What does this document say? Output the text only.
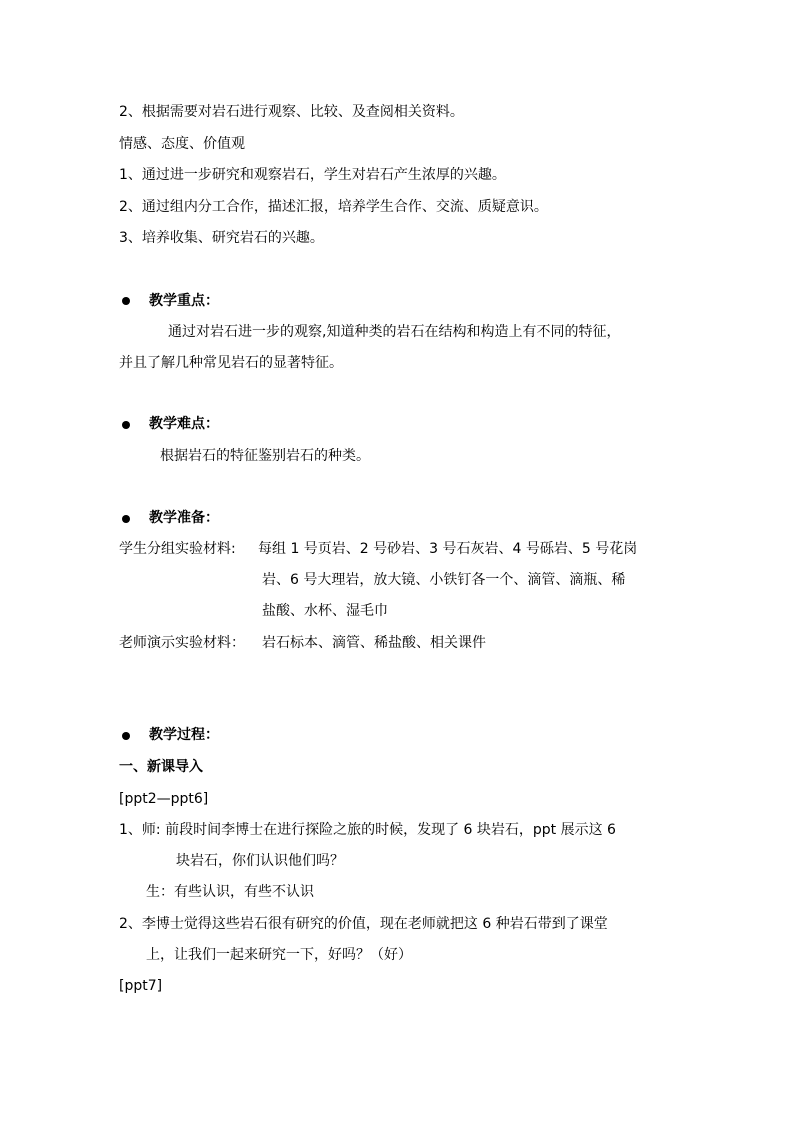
2、根据需要对岩石进行观察、比较、及查阅相关资料。
情感、态度、价值观
1、通过进一步研究和观察岩石，学生对岩石产生浓厚的兴趣。
2、通过组内分工合作，描述汇报，培养学生合作、交流、质疑意识。
3、培养收集、研究岩石的兴趣。
教学重点：
通过对岩石进一步的观察,知道种类的岩石在结构和构造上有不同的特征，
并且了解几种常见岩石的显著特征。
教学难点：
根据岩石的特征鉴别岩石的种类。
教学准备：
学生分组实验材料: 每组 1 号页岩、2 号砂岩、3 号石灰岩、4 号砾岩、5 号花岗
岩、6 号大理岩，放大镜、小铁钉各一个、滴管、滴瓶、稀
盐酸、水杯、湿毛巾
老师演示实验材料： 岩石标本、滴管、稀盐酸、相关课件
教学过程：
一、新课导入
[ppt2—ppt6]
1、师: 前段时间李博士在进行探险之旅的时候，发现了 6 块岩石，ppt 展示这 6
块岩石，你们认识他们吗？
生：有些认识，有些不认识
2、李博士觉得这些岩石很有研究的价值，现在老师就把这 6 种岩石带到了课堂
上，让我们一起来研究一下，好吗？（好）
[ppt7]
